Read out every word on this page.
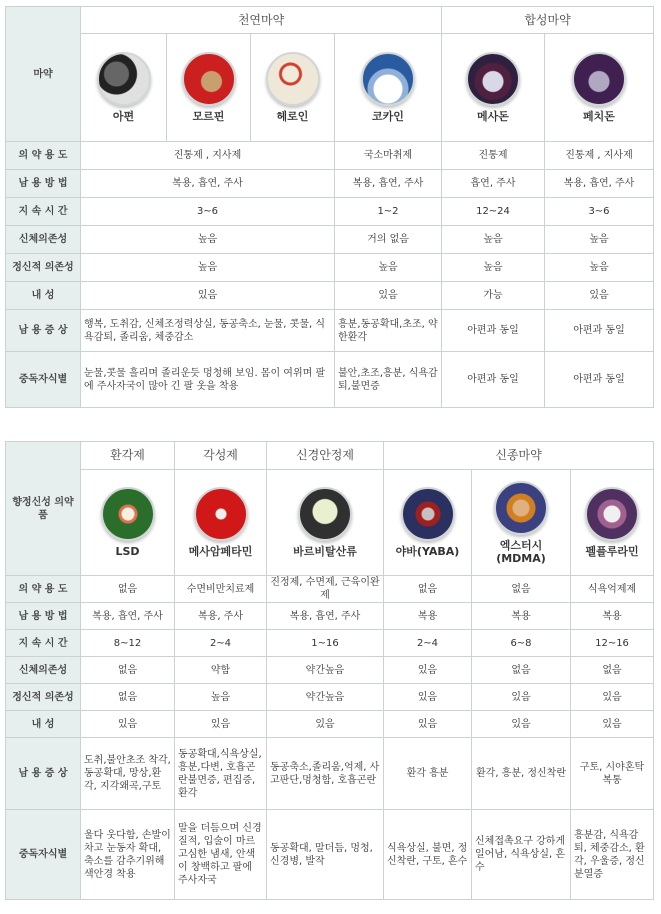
마약	천연마약				합성마약	

	아편	모르핀	헤로인	코카인	메사돈	페치돈

의 약 용 도	진통제 , 지사제			국소마취제	진통제	진통제 , 지사제
남 용 방 법	복용, 흡연, 주사			복용, 흡연, 주사	흡연, 주사	복용, 흡연, 주사
지 속 시 간	3~6			1~2	12~24	3~6
신체의존성	높음			거의 없음	높음	높음
정신적 의존성	높음			높음	높음	높음
내 성	있음			있음	가능	있음
남 용 증 상	행복, 도취감, 신체조정력상실, 동공축소, 눈물, 콧물, 식욕감퇴, 졸리움, 체중감소			흥분,동공확대,초조, 약한환각	아편과 동일	아편과 동일
중독자식별	눈물,콧물 흘리며 졸리운듯 멍청해 보임. 몸이 여위며 팔에 주사자국이 많아 긴 팔 옷을 착용			불안,초조,흥분, 식욕감퇴,불면증	아편과 동일	아편과 동일
향정신성 의약품	환각제	각성제	신경안정제	신종마약		

	LSD	메사암페타민	바르비탈산류	야바(YABA)	엑스터시(MDMA)	펠플루라민

의 약 용 도	없음	수면비만치료제	진정제, 수면제, 근육이완제	없음	없음	식욕억제제
남 용 방 법	복용, 흡연, 주사	복용, 주사	복용, 흡연, 주사	복용	복용	복용
지 속 시 간	8~12	2~4	1~16	2~4	6~8	12~16
신체의존성	없음	약함	약간높음	있음	없음	없음
정신적 의존성	없음	높음	약간높음	있음	있음	있음
내 성	있음	있음	있음	있음	있음	있음
남 용 증 상	도취,불안초조 착각,동공확대, 망상,환각, 지각왜곡,구토	동공확대,식욕상실, 흥분,다변, 호흡곤란불면증, 편집증,환각	동공축소,졸리움,억제, 사고판단,멍청함, 호흡곤란	환각 흥분	환각, 흥분, 정신착란	구토, 시야혼탁 복통
중독자식별	울다 웃다함, 손발이 차고 눈동자 확대, 축소를 감추기위해 색안경 착용	말을 더듬으며 신경질적, 입술이 마르고심한 냄새, 안색이 창백하고 팔에 주사자국	동공확대, 말더듬, 멍청, 신경병, 발작	식욕상실, 불면, 정신착란, 구토, 흔수	신체접촉요구 강하게 일어남, 식욕상실, 흔수	흥분감, 식욕감퇴, 체중감소, 환각, 우울증, 정신분열증
